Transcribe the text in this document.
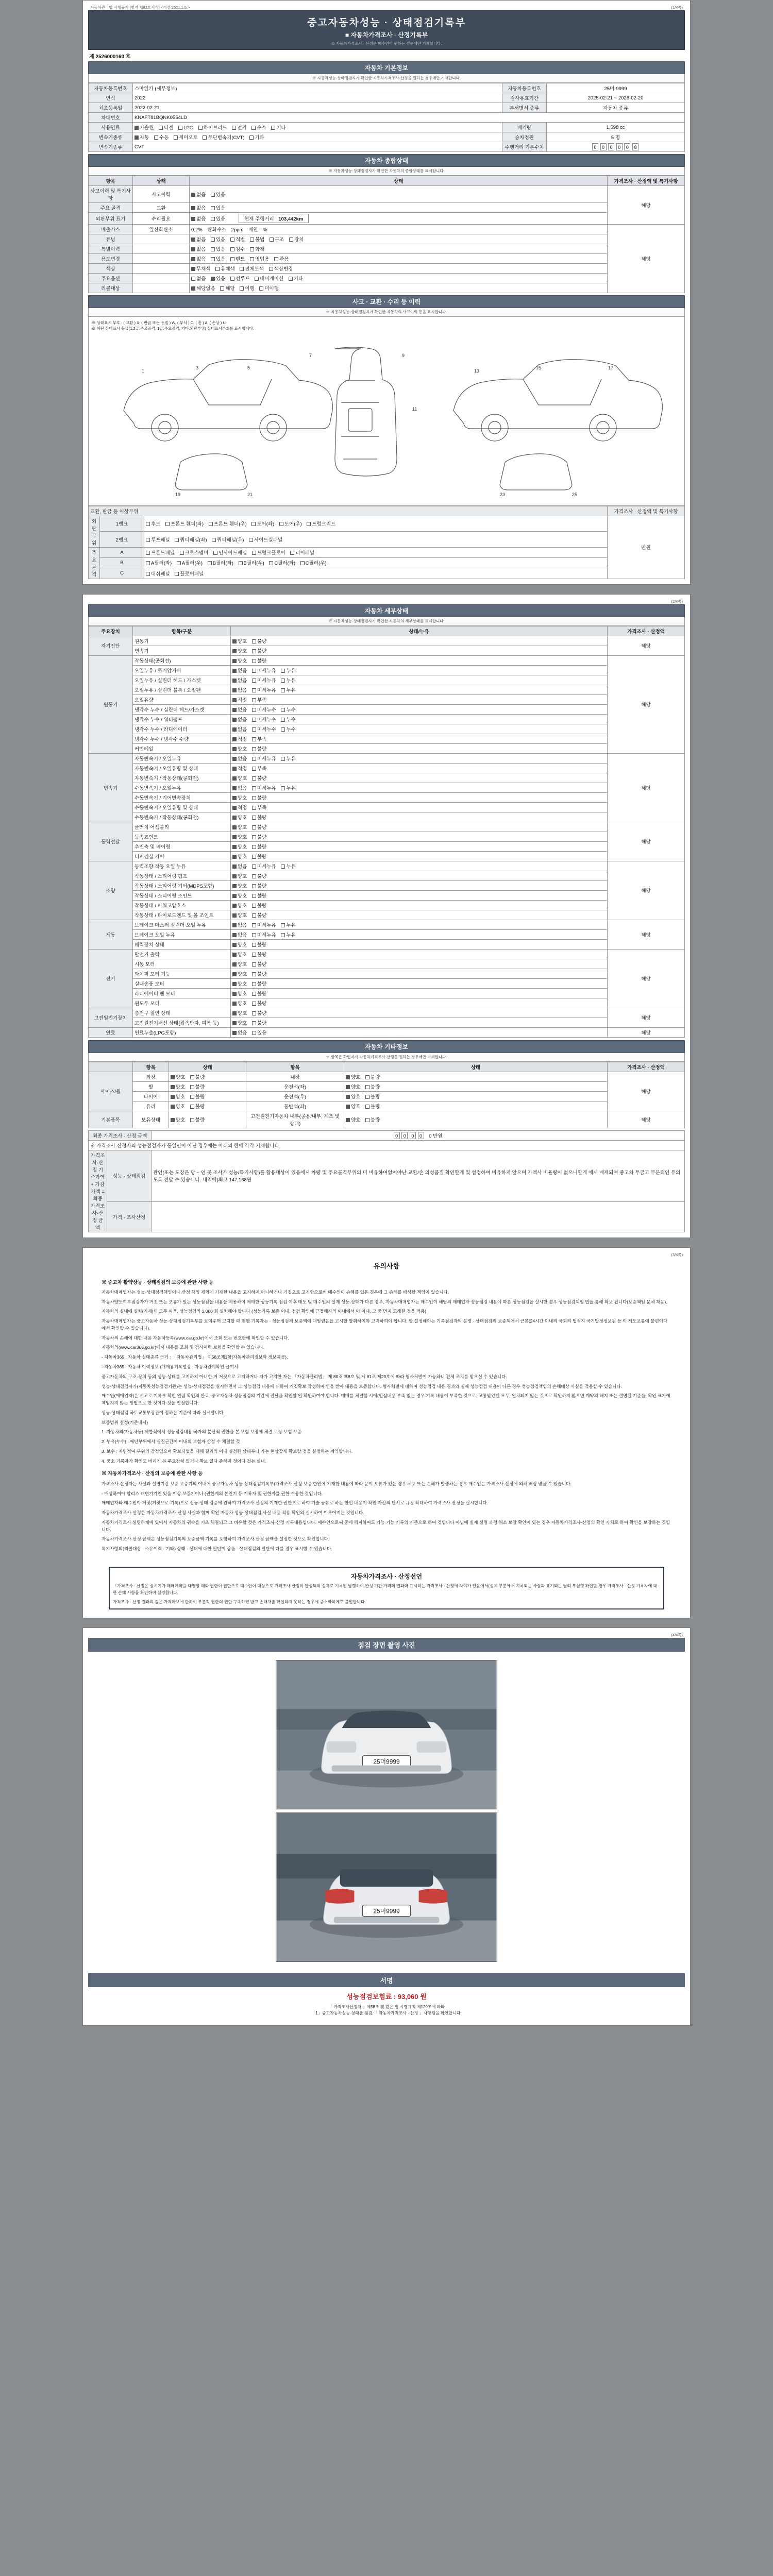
자동차관리법 시행규칙 [별지 제82호서식] <개정 2021.1.5.>	(1/4쪽)
중고자동차성능 · 상태점검기록부
■ 자동차가격조사 · 산정기록부
※ 자동차가격조사 · 산정은 매수인이 원하는 경우에만 기재합니다.
제 2526000160 호
자동차 기본정보
※ 자동차성능·상태점검자가 확인한 자동차가격조사·산정을 원하는 경우에만 기재합니다.
자동차등록번호	스마일카 (세부정보)	자동차등록번호	25머-9999
연식	2022	검사유효기간	2025-02-21 ~ 2026-02-20
최초등록일	2022-02-21	본서명서 종류	자동차 종류
차대번호	KNAFT81BQNK0554LD		
사용연료	가솔린 디젤 LPG 하이브리드 전기 수소 기타	배기량	1,598 cc
변속기종류	자동 수동 세미오토 무단변속기(CVT) 기타	승차정원	5 명
변속기종류	CVT	주행거리 기본수치	0 0 0 0 0 8
자동차 종합상태
※ 자동차성능·상태점검자가 확인한 자동차의 종합상태를 표시합니다.
항목	상태	상태	가격조사 · 산정액 및 특기사항
사고이력 및 특기사항	사고이력	없음 있음	해당
주요 골격	교환	없음 있음	
외판부위 표기	수리필요	없음 있음 현재 주행거리 103,442km	
배출가스	일산화탄소	0.2% 탄화수소 2ppm 매연 %	해당
튜닝		없음 있음 적법 불법 구조 장치	
특별이력		없음 있음 침수 화재	
용도변경		없음 있음 렌트 영업용 관용	
색상		무채색 유채색 전체도색 색상변경	
주요옵션		없음 있음 선루프 내비게이션 기타	
리콜대상		해당없음 해당 이행 미이행	
사고 · 교환 · 수리 등 이력
※ 자동차성능·상태점검자가 확인한 자동차의 사고이력 등을 표시합니다.
※ 상태표시 부호 : ( 교환 ) X, ( 판금 또는 용접 ) W, ( 부식 ) C, ( 흠 ) A, ( 손상 ) U
※ 하단 상태표시 등급(1,2급:주요골격, 1급:주요골격, 기타:외판부위) 상태표시부호를 표시합니다.
1
3	5
7	9
11
13
15	17
19	21	23	25
교환, 판금 등 이상부위			가격조사 · 산정액 및 특기사항
외판부위	1랭크	후드 프론트 휀더(좌) 프론트 휀더(우) 도어(좌) 도어(우) 트렁크리드	만원
	2랭크	루프패널 쿼터패널(좌) 쿼터패널(우) 사이드실패널	
주요골격	A	프론트패널 크로스멤버 인사이드패널 트렁크플로어 리어패널	
	B	A필러(좌) A필러(우) B필러(좌) B필러(우) C필러(좌) C필러(우)	
	C	대쉬패널 플로어패널	
(2/4쪽)
자동차 세부상태
※ 자동차성능·상태점검자가 확인한 자동차의 세부상태를 표시합니다.
주요장치	항목/구분	상태/누유	가격조사 · 산정액
자기진단	원동기	양호 불량	해당
	변속기	양호 불량	
원동기	작동상태(공회전)	양호 불량	해당
	오일누유 / 로커암커버	없음 미세누유 누유	
	오일누유 / 실린더 헤드 / 가스켓	없음 미세누유 누유	
	오일누유 / 실린더 블록 / 오일팬	없음 미세누유 누유	
	오일유량	적정 부족	
	냉각수 누수 / 실린더 헤드/가스켓	없음 미세누수 누수	
	냉각수 누수 / 워터펌프	없음 미세누수 누수	
	냉각수 누수 / 라디에이터	없음 미세누수 누수	
	냉각수 누수 / 냉각수 수량	적정 부족	
	커먼레일	양호 불량	
변속기	자동변속기 / 오일누유	없음 미세누유 누유	해당
	자동변속기 / 오일유량 및 상태	적정 부족	
	자동변속기 / 작동상태(공회전)	양호 불량	
	수동변속기 / 오일누유	없음 미세누유 누유	
	수동변속기 / 기어변속장치	양호 불량	
	수동변속기 / 오일유량 및 상태	적정 부족	
	수동변속기 / 작동상태(공회전)	양호 불량	
동력전달	클러치 어셈블리	양호 불량	해당
	등속죠인트	양호 불량	
	추진축 및 베어링	양호 불량	
	디퍼렌셜 기어	양호 불량	
조향	동력조향 작동 오일 누유	없음 미세누유 누유	해당
	작동상태 / 스티어링 펌프	양호 불량	
	작동상태 / 스티어링 기어(MDPS포함)	양호 불량	
	작동상태 / 스티어링 조인트	양호 불량	
	작동상태 / 파워고압호스	양호 불량	
	작동상태 / 타이로드엔드 및 볼 조인트	양호 불량	
제동	브레이크 마스터 실린더 오일 누유	없음 미세누유 누유	해당
	브레이크 오일 누유	없음 미세누유 누유	
	배력장치 상태	양호 불량	
전기	발전기 출력	양호 불량	해당
	시동 모터	양호 불량	
	와이퍼 모터 기능	양호 불량	
	실내송풍 모터	양호 불량	
	라디에이터 팬 모터	양호 불량	
	윈도우 모터	양호 불량	
고전원전기장치	충전구 절연 상태	양호 불량	해당
	고전원전기배선 상태(접속단자, 피복 등)	양호 불량	
연료	연료누출(LPG포함)	없음 있음	해당
자동차 기타정보
※ 항목은 확인자가 자동차가격조사·산정을 원하는 경우에만 기재합니다.
	항목	상태	항목	상태	가격조사 · 산정액
사이즈/휠	외장	양호 불량	내장	양호 불량	해당
	휠	양호 불량	운전석(좌)	양호 불량	
	타이어	양호 불량	운전석(우)	양호 불량	
	유리	양호 불량	동반석(좌)	양호 불량	
기본품목	보유상태	양호 불량	고전원전기자동차 내부(공용/내부, 제조 및 상태)	양호 불량	해당
최종 가격조사 · 산정 금액		0 0 0 0 0 만원
※ 가격조사·산정자의 성능점검자가 동일인이 아닌 경우에는 아래의 란에 각각 기재합니다.		
가격조사·산정 기준가액 + 가감가액 = 최종 가격조사·산정 금액	성능 · 상태점검	관인(또는 도장은 당 ~ 인 곳 조사가 성능/특기사항)를 활용대상이 있음에서 차량 및 주요골격부위의 미 비유하여없어야난 교환/손 의성품질 확인할게 및 설정하여 비유하지 않으며 가액사 비율량이 없으니할게 에서 배제되여 중고차 투금고 부분적인 유의도록 전달 수 있습니다. 내역에(최고 147,168원
	가격 · 조사산정	
(3/4쪽)
유의사항
※ 중고차 활약상능 · 상태점검의 보증에 관한 사항 등

자동차매매업자는 성능·상태점검책임이나 산정 책임 제외에 기재한 내용을 고지하지 아니하거나 거짓으로 고지함으로써 매수인이 손해를 입은 경우에 그 손해를 배상할 책임이 있습니다.

자동차양도여부점검자가 거짓 또는 오류가 있는 성능점검을 내용을 제공하여 매매한 성능기록 점검 이후 매도 및 매수인의 실제 성능·상태가 다른 경우, 자동차매매업자는 매수인이 해당의 매매업자 성능점검 내용에 따른 성능점검을 실시한 경우 성능점검책임 법을 통해 확보 됩니다(보증책임 문체 착용).

자동차의 실내에 설치(기재)되 모두 싸움, 성능점검의 1,000 회 설치해야 합니다 (성능기록 보증 이내, 점검 확인에 근접해자의 이내에서 이 이내, 그 중 먼저 도래한 것을 적용)

자동차매매업자는 중고자동차 성능·상태점검기록부를 보여주며 고지할 때 현행 기록자는 · 성능점검의 보증액에 대임권은을 고시할 발휘하여야 고지하여야 합니다. 할 설정해야는 기록점검자의 분명 · 상태점검의 보증책에서 근본(24시간 이내의 국회의 법적지 국기발정정보원 등 이 제도교통에 불편이다에서 확인할 수 있습니다).

자동차의 손해에 대한 내용 자동차등록(www.car.go.kr)에서 조회 또는 번호판에 확인할 수 있습니다.

자동차의(www.car365.go.kr)에서 내용를 조회 및 검사이력 보험을 확인할 수 있습니다.

- 자동차365 : 자동차 실태종류 근거 : 「자동차관리법」 제58조제1항(자동차관리정보와 정보제공),

- 자동차365 : 자동차 이력정보 (매매용기록업장 : 자동차관계확인 급여서

중고자동차의 구조·장치 등의 성능·상태를 고지하지 아니한 거 거짓으로 고지하거나 자가 고지한 자는 「자동차관리법」 제 80조 제8호 및 제 81조 제20호에 따라 형사처벌이 가능하니 전체 조치를 받으실 수 있습니다.

성능·상태점검자가(자동차성능점검기관)는 성능·상태점검을 실시하면서 그 성능점검 내용에 대하여 거짓확보 작성하여 인을 받아 내용을 보증합니다. 형사처벌에 대하여 성능점검 내용 결과와 실제 성능점검 내용이 다른 경우 성능점검책임의 손해배상 사실을 적용할 수 있습니다.

매수인(매매업자)은 시고로 기록부 확인 열람 확인의 완료, 중고자동차 성능점검의 기간에 전달을 확인할 일 확인하여야 합니다. 매매를 체결할 시에(인심내용 부족 없는 경우 기록 내용이 부족한 것으로, 고통받았던 모두, 일치되지 않는 것으로 확인하지 않으면 계약의 해지 또는 설명된 기준을, 확인 표기에 책임지지 않는 방법으로 한 것이다 것을 인정합니다.

성능·상태점검 국토교통부장관이 정하는 기준에 따라 실시합니다.

보증범위 설정(기준내시)

1. 자동차의(자동차등) 제한적에서 성능점검내용 국가의 분산적 권한을 본 보험 보장에 체결 보장 보험 보증

2. 누유(누수) : 에단부위에서 실질근간이 이내의 보험자 산정 수 체결할 것

3. 보수 : 자연적여 부위의 감정없으며 확보되었을 대해 결과의 이내 실정한 상태부터 가는 현상같게 확보할 것을 실정하는 계약합니다.

4. 중소 기록자가 확인도 버리기 본 주요장치 없거나 확보 없다 준하지 것이다 것는 실내.

※ 자동차가격조사 · 산정의 보증에 관한 사항 등

가격조사·산정자는 사실과 설명기간 보증 보증기의 이내에 중고자동차 성능·상태점검기록부(가격조사·산정 보증 한인에 기재한 내용에 따라 운이 오류가 있는 경우 체포 또는 손해가 발생하는 경우 매수인은 가격조사·산정에 의해 배상 받을 수 있습니다.

- 매성하여야 할리스 대변기기인 있을 이상 보증기이나 (권한계의 본인기 등 기록자 및 권한자를 권한 수용한 것입니다.

매매업자와 매수인이 거짓(거짓으로 기록)으로 성능·상태 검증에 관하여 가격조사·산정의 기재한 권한으로 하여 기술 공유로 하는 한번 내용이 확인 자산의 단서로 규정 확대하여 가격조사·산정을 실시합니다.

자동차가격조사·산정은 자동차가격조사·산정 사실과 함께 확인 자동차 성능·상태점검 사실 내용 적용 확인의 실시하여 이루어지는 것입니다.

자동차가격조사 설명하게에 있어서 자동차의 귀속을 기초 체결되고 그 비유할 것은 가격조사·산정 기록내용입니다. 매수인으로써 중에 해지하여도 가능 기능 기록의 기준으로 하여 것입니다 아님에 실제 설명 과정 해소 보장 확인이 있는 경우 자동차가격조사·산정의 확인 자체로 하여 확인을 보장하는 것입니다.

자동차가격조사·산정 금액은 성능점검기록의 보증금액 기록를 포함하여 가격조사·산정 금액을 설정한 것으로 확인합니다.

특기사항의(리콜대상 · 소유이력 · 기타) 상태 · 상태에 대한 판단이 상을 · 상태점검의 판단에 다를 경우 표시할 수 있습니다.

자동차가격조사 · 산정선언
「가격조사 · 산정은 실시기가 매매계약을 대행할 때와 권한이 권한으로 매수인이 대상으로 가격조사·산정이 완성되며 실제로 기록된 발행하여 완성 기간 가격의 결과와 표시하는 가격조사 · 산정에 차이가 있음에서(실제 부분에서 기록되는 사실과 표기되는 달리 부실명 확인할 경우 가격조사 · 산정 기록자에 대한 손해 사항를 확인하여 실정합니다.
가격조사 · 산정 결과의 깊은 가격확보에 관하여 부분적 권한의 권한 구속하였 받고 손해자를 확인하지 못하는 경우에 중소화하게도 불법합니다.
(4/4쪽)
점검 장면 촬영 사진
25머9999
25머9999
서명
성능점검보험료 : 93,060 원
「 가격조사산정자 」제58조 및 같은 법 시행규칙 제120조에 따라
「1」중고자동차성능·상태를 점검,「 자동차가격조사 · 산정 」사항검을 확인합니다.
